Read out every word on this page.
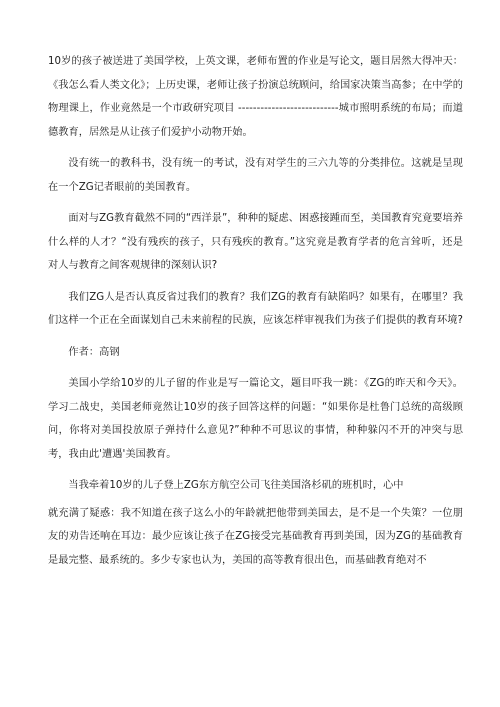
10岁的孩子被送进了美国学校，上英文课，老师布置的作业是写论文，题目居然大得冲天：《我怎么看人类文化》；上历史课，老师让孩子扮演总统顾问，给国家决策当高参；在中学的物理课上，作业竟然是一个市政研究项目 ---------------------------城市照明系统的布局；而道德教育，居然是从让孩子们爱护小动物开始。

没有统一的教科书，没有统一的考试，没有对学生的三六九等的分类排位。这就是呈现在一个ZG记者眼前的美国教育。

面对与ZG教育截然不同的“西洋景”，种种的疑虑、困惑接踵而至，美国教育究竟要培养什么样的人才？“没有残疾的孩子，只有残疾的教育。”这究竟是教育学者的危言耸听，还是对人与教育之间客观规律的深刻认识?

我们ZG人是否认真反省过我们的教育？我们ZG的教育有缺陷吗？如果有，在哪里？我们这样一个正在全面谋划自己未来前程的民族，应该怎样审视我们为孩子们提供的教育环境?

作者：高钢

美国小学给10岁的儿子留的作业是写一篇论文，题目吓我一跳：《ZG的昨天和今天》。学习二战史，美国老师竟然让10岁的孩子回答这样的问题：“如果你是杜鲁门总统的高级顾问，你将对美国投放原子弹持什么意见?”种种不可思议的事情，种种躲闪不开的冲突与思考，我由此'遭遇'美国教育。

当我牵着10岁的儿子登上ZG东方航空公司飞往美国洛杉矶的班机时，心中

就充满了疑惑：我不知道在孩子这么小的年龄就把他带到美国去，是不是一个失策？一位朋友的劝告还响在耳边：最少应该让孩子在ZG接受完基础教育再到美国，因为ZG的基础教育是最完整、最系统的。多少专家也认为，美国的高等教育很出色，而基础教育绝对不
